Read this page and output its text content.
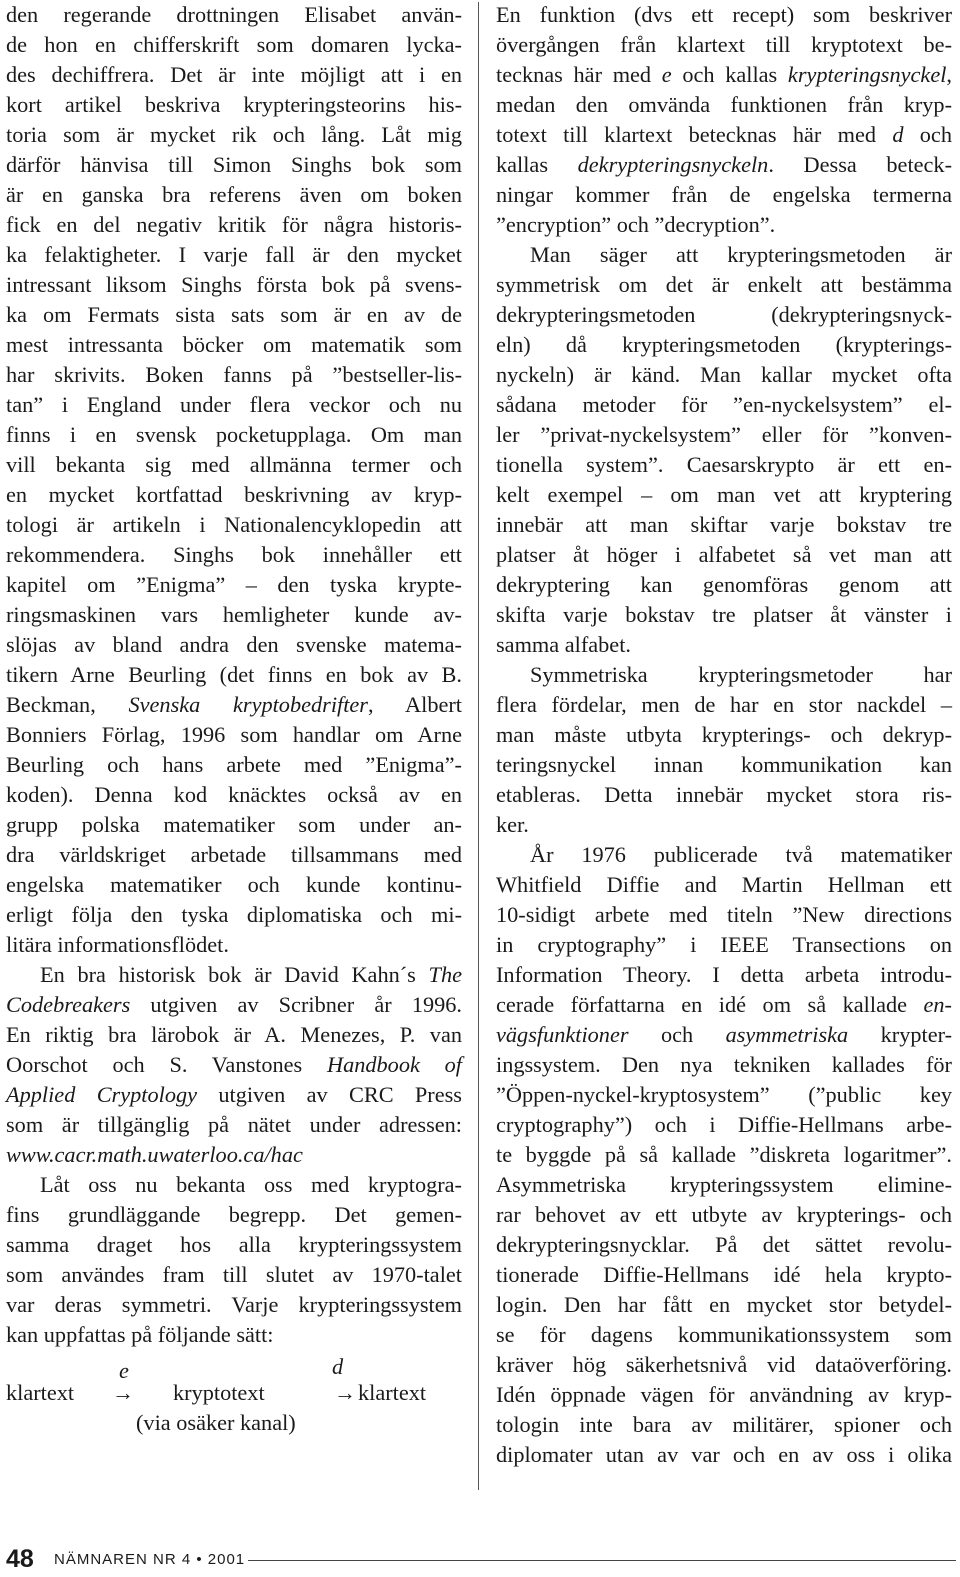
den regerande drottningen Elisabet använ-
de hon en chifferskrift som domaren lycka-
des dechiffrera. Det är inte möjligt att i en
kort artikel beskriva krypteringsteorins his-
toria som är mycket rik och lång. Låt mig
därför hänvisa till Simon Singhs bok som
är en ganska bra referens även om boken
fick en del negativ kritik för några historis-
ka felaktigheter. I varje fall är den mycket
intressant liksom Singhs första bok på svens-
ka om Fermats sista sats som är en av de
mest intressanta böcker om matematik som
har skrivits. Boken fanns på ”bestseller-lis-
tan” i England under flera veckor och nu
finns i en svensk pocketupplaga. Om man
vill bekanta sig med allmänna termer och
en mycket kortfattad beskrivning av kryp-
tologi är artikeln i Nationalencyklopedin att
rekommendera. Singhs bok innehåller ett
kapitel om ”Enigma” – den tyska krypte-
ringsmaskinen vars hemligheter kunde av-
slöjas av bland andra den svenske matema-
tikern Arne Beurling (det finns en bok av B.
Beckman, Svenska kryptobedrifter, Albert
Bonniers Förlag, 1996 som handlar om Arne
Beurling och hans arbete med ”Enigma”-
koden). Denna kod knäcktes också av en
grupp polska matematiker som under an-
dra världskriget arbetade tillsammans med
engelska matematiker och kunde kontinu-
erligt följa den tyska diplomatiska och mi-
litära informationsflödet.
En bra historisk bok är David Kahn´s The
Codebreakers utgiven av Scribner år 1996.
En riktig bra lärobok är A. Menezes, P. van
Oorschot och S. Vanstones Handbook of
Applied Cryptology utgiven av CRC Press
som är tillgänglig på nätet under adressen:
www.cacr.math.uwaterloo.ca/hac
Låt oss nu bekanta oss med kryptogra-
fins grundläggande begrepp. Det gemen-
samma draget hos alla krypteringssystem
som användes fram till slutet av 1970-talet
var deras symmetri. Varje krypteringssystem
kan uppfattas på följande sätt:
En funktion (dvs ett recept) som beskriver
övergången från klartext till kryptotext be-
tecknas här med e och kallas krypteringsnyckel,
medan den omvända funktionen från kryp-
totext till klartext betecknas här med d och
kallas dekrypteringsnyckeln. Dessa beteck-
ningar kommer från de engelska termerna
”encryption” och ”decryption”.
Man säger att krypteringsmetoden är
symmetrisk om det är enkelt att bestämma
dekrypteringsmetoden (dekrypteringsnyck-
eln) då krypteringsmetoden (krypterings-
nyckeln) är känd. Man kallar mycket ofta
sådana metoder för ”en-nyckelsystem” el-
ler ”privat-nyckelsystem” eller för ”konven-
tionella system”. Caesarskrypto är ett en-
kelt exempel – om man vet att kryptering
innebär att man skiftar varje bokstav tre
platser åt höger i alfabetet så vet man att
dekryptering kan genomföras genom att
skifta varje bokstav tre platser åt vänster i
samma alfabet.
Symmetriska krypteringsmetoder har
flera fördelar, men de har en stor nackdel –
man måste utbyta krypterings- och dekryp-
teringsnyckel innan kommunikation kan
etableras. Detta innebär mycket stora ris-
ker.
År 1976 publicerade två matematiker
Whitfield Diffie and Martin Hellman ett
10-sidigt arbete med titeln ”New directions
in cryptography” i IEEE Transections on
Information Theory. I detta arbeta introdu-
cerade författarna en idé om så kallade en-
vägsfunktioner och asymmetriska krypter-
ingssystem. Den nya tekniken kallades för
”Öppen-nyckel-kryptosystem” (”public key
cryptography”) och i Diffie-Hellmans arbe-
te byggde på så kallade ”diskreta logaritmer”.
Asymmetriska krypteringssystem eliminе-
rar behovet av ett utbyte av krypterings- och
dekrypteringsnycklar. På det sättet revolu-
tionerade Diffie-Hellmans idé hela krypto-
login. Den har fått en mycket stor betydel-
se för dagens kommunikationssystem som
kräver hög säkerhetsnivå vid dataöverföring.
Idén öppnade vägen för användning av kryp-
tologin inte bara av militärer, spioner och
diplomater utan av var och en av oss i olika
klartext
e
→ kryptotext
d
→ klartext
(via osäker kanal)
48 NÄMNAREN NR 4 • 2001
